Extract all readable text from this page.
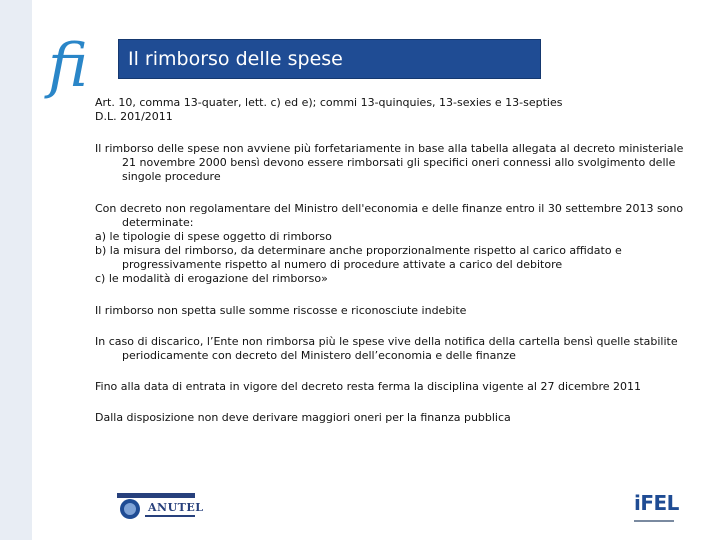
fi Il rimborso delle spese

Art. 10, comma 13-quater, lett. c) ed e); commi 13-quinquies, 13-sexies e 13-septies

D.L. 201/2011

Il rimborso delle spese non avviene più forfetariamente in base alla tabella allegata al decreto ministeriale 21 novembre 2000 bensì devono essere rimborsati gli specifici oneri connessi allo svolgimento delle singole procedure

Con decreto non regolamentare del Ministro dell'economia e delle finanze entro il 30 settembre 2013 sono determinate:

a) le tipologie di spese oggetto di rimborso

b) la misura del rimborso, da determinare anche proporzionalmente rispetto al carico affidato e progressivamente rispetto al numero di procedure attivate a carico del debitore

c) le modalità di erogazione del rimborso»

Il rimborso non spetta sulle somme riscosse e riconosciute indebite

In caso di discarico, l’Ente non rimborsa più le spese vive della notifica della cartella bensì quelle stabilite periodicamente con decreto del Ministero dell’economia e delle finanze

Fino alla data di entrata in vigore del decreto resta ferma la disciplina vigente al 27 dicembre 2011

Dalla disposizione non deve derivare maggiori oneri per la finanza pubblica

ANUTEL	iFEL
